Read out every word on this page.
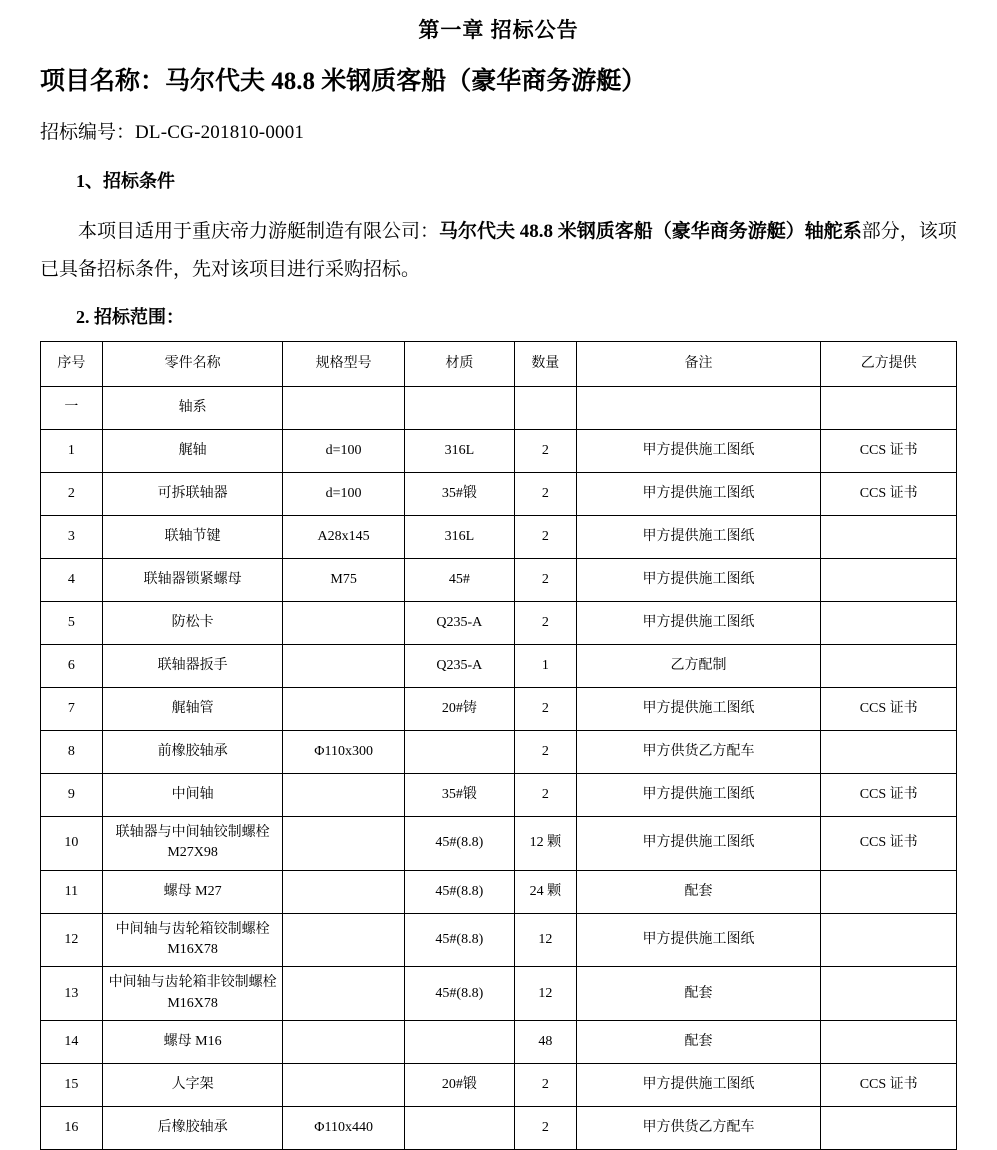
第一章 招标公告
项目名称：马尔代夫 48.8 米钢质客船（豪华商务游艇）
招标编号：DL-CG-201810-0001
1、招标条件
本项目适用于重庆帝力游艇制造有限公司：马尔代夫 48.8 米钢质客船（豪华商务游艇）轴舵系部分，该项已具备招标条件，先对该项目进行采购招标。
2. 招标范围：
序号	零件名称	规格型号	材质	数量	备注	乙方提供
一	轴系					
1	艉轴	d=100	316L	2	甲方提供施工图纸	CCS 证书
2	可拆联轴器	d=100	35#锻	2	甲方提供施工图纸	CCS 证书
3	联轴节键	A28x145	316L	2	甲方提供施工图纸	
4	联轴器锁紧螺母	M75	45#	2	甲方提供施工图纸	
5	防松卡		Q235-A	2	甲方提供施工图纸	
6	联轴器扳手		Q235-A	1	乙方配制	
7	艉轴管		20#铸	2	甲方提供施工图纸	CCS 证书
8	前橡胶轴承	Φ110x300		2	甲方供货乙方配车	
9	中间轴		35#锻	2	甲方提供施工图纸	CCS 证书
10	联轴器与中间轴铰制螺栓 M27X98		45#(8.8)	12 颗	甲方提供施工图纸	CCS 证书
11	螺母 M27		45#(8.8)	24 颗	配套	
12	中间轴与齿轮箱铰制螺栓 M16X78		45#(8.8)	12	甲方提供施工图纸	
13	中间轴与齿轮箱非铰制螺栓 M16X78		45#(8.8)	12	配套	
14	螺母 M16			48	配套	
15	人字架		20#锻	2	甲方提供施工图纸	CCS 证书
16	后橡胶轴承	Φ110x440		2	甲方供货乙方配车	
